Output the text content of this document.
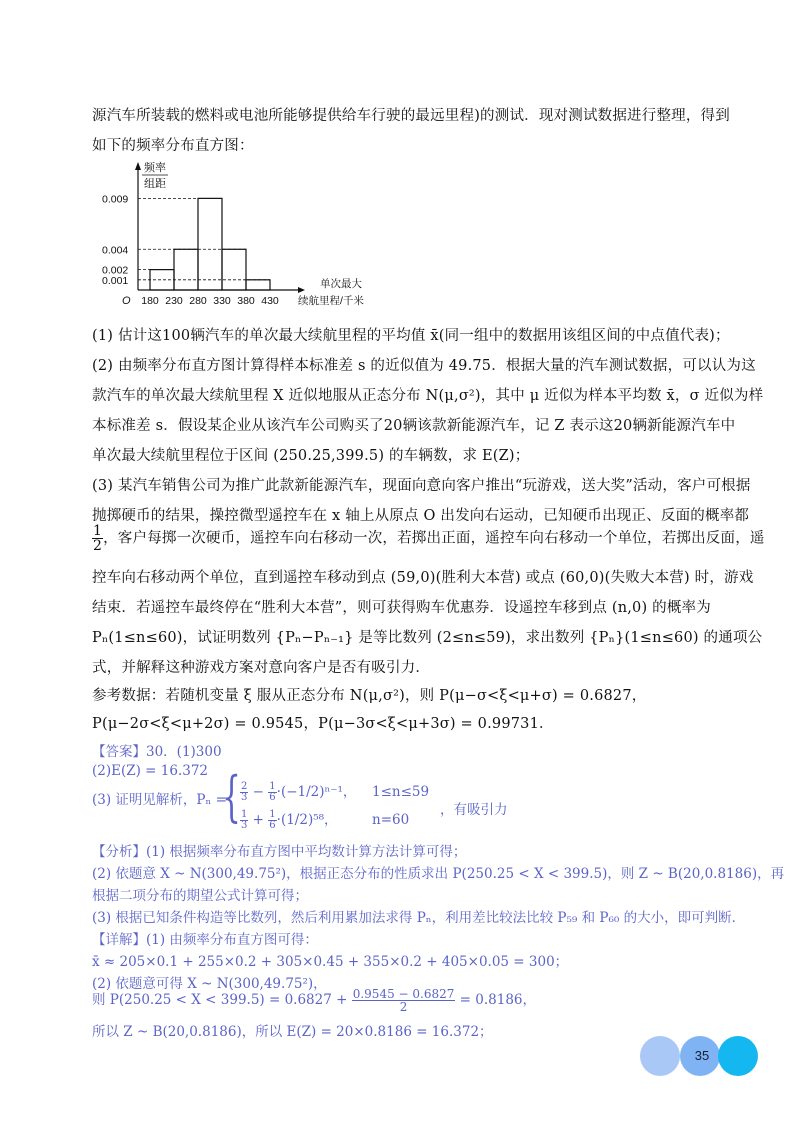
源汽车所装载的燃料或电池所能够提供给车行驶的最远里程)的测试．现对测试数据进行整理，得到
如下的频率分布直方图：
频率
组距
0.009
0.004
0.002
0.001
180 230 280 330 380 430
单次最大
续航里程/千米
O
(1) 估计这100辆汽车的单次最大续航里程的平均值 x̄(同一组中的数据用该组区间的中点值代表)；
(2) 由频率分布直方图计算得样本标准差 s 的近似值为 49.75．根据大量的汽车测试数据，可以认为这
款汽车的单次最大续航里程 X 近似地服从正态分布 N(μ,σ²)，其中 μ 近似为样本平均数 x̄，σ 近似为样
本标准差 s．假设某企业从该汽车公司购买了20辆该款新能源汽车，记 Z 表示这20辆新能源汽车中
单次最大续航里程位于区间 (250.25,399.5) 的车辆数，求 E(Z)；
(3) 某汽车销售公司为推广此款新能源汽车，现面向意向客户推出“玩游戏，送大奖”活动，客户可根据
抛掷硬币的结果，操控微型遥控车在 x 轴上从原点 O 出发向右运动，已知硬币出现正、反面的概率都
$\frac{1}{2}$ ，客户每掷一次硬币，遥控车向右移动一次，若掷出正面，遥控车向右移动一个单位，若掷出反面，遥
控车向右移动两个单位，直到遥控车移动到点 (59,0)(胜利大本营) 或点 (60,0)(失败大本营) 时，游戏
结束．若遥控车最终停在“胜利大本营”，则可获得购车优惠券．设遥控车移到点 (n,0) 的概率为
Pₙ(1≤n≤60)，试证明数列 {Pₙ−Pₙ₋₁} 是等比数列 (2≤n≤59)，求出数列 {Pₙ}(1≤n≤60) 的通项公
式，并解释这种游戏方案对意向客户是否有吸引力．
参考数据：若随机变量 ξ 服从正态分布 N(μ,σ²)，则 P(μ−σ<ξ<μ+σ) = 0.6827，
P(μ−2σ<ξ<μ+2σ) = 0.9545，P(μ−3σ<ξ<μ+3σ) = 0.99731．
【答案】30．(1)300
(2)E(Z) = 16.372
(3) 证明见解析，Pₙ =
{ $\frac{2}{3} - \frac{1}{6} \cdot(-1/2)^{n-1}$， 1≤n≤59
$\frac{1}{3} + \frac{1}{6} \cdot(1/2)^{58}$，	n=60
，有吸引力
【分析】(1) 根据频率分布直方图中平均数计算方法计算可得；
(2) 依题意 X ~ N(300,49.75²)，根据正态分布的性质求出 P(250.25 < X < 399.5)，则 Z ~ B(20,0.8186)，再
根据二项分布的期望公式计算可得；
(3) 根据已知条件构造等比数列，然后利用累加法求得 Pₙ，利用差比较法比较 P₅₉ 和 P₆₀ 的大小，即可判断．
【详解】(1) 由频率分布直方图可得：
x̄ ≈ 205×0.1 + 255×0.2 + 305×0.45 + 355×0.2 + 405×0.05 = 300；
(2) 依题意可得 X ~ N(300,49.75²)，
则 $P(250.25 < X < 399.5) = 0.6827 + \frac{0.9545 - 0.6827}{2} = 0.8186$，
所以 Z ~ B(20,0.8186)，所以 E(Z) = 20×0.8186 = 16.372；
35
